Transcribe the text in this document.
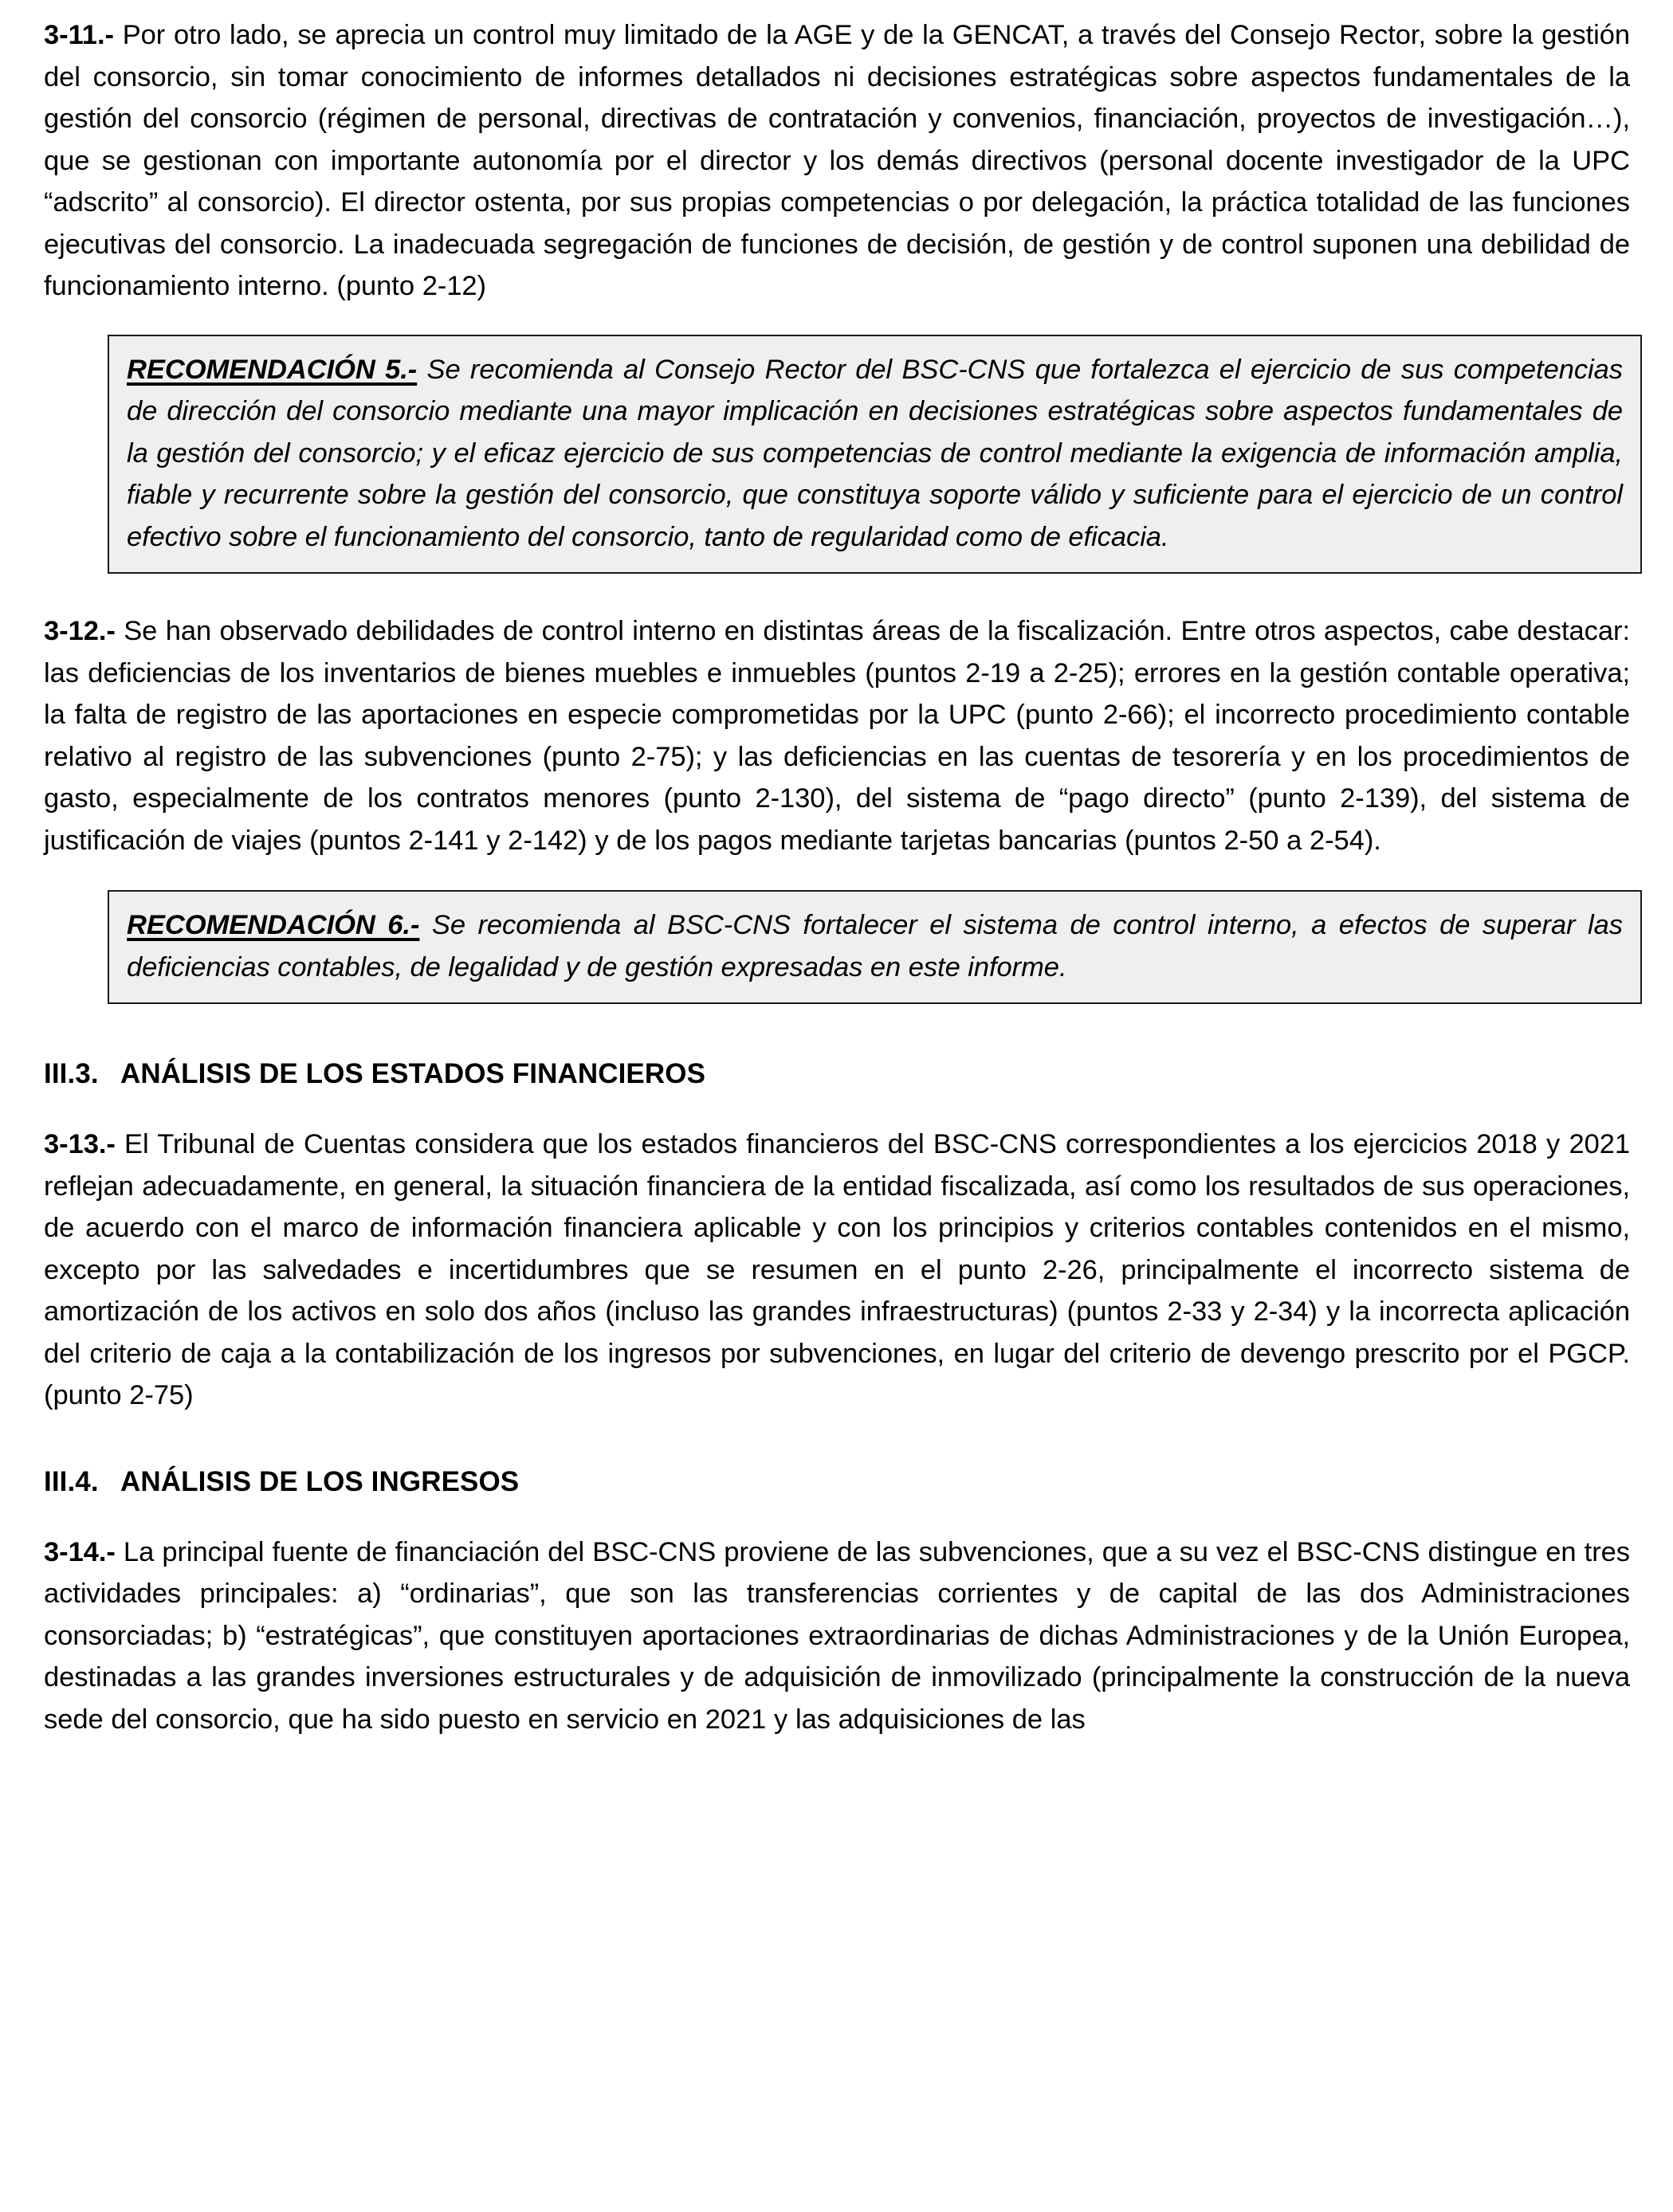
3-11.- Por otro lado, se aprecia un control muy limitado de la AGE y de la GENCAT, a través del Consejo Rector, sobre la gestión del consorcio, sin tomar conocimiento de informes detallados ni decisiones estratégicas sobre aspectos fundamentales de la gestión del consorcio (régimen de personal, directivas de contratación y convenios, financiación, proyectos de investigación…), que se gestionan con importante autonomía por el director y los demás directivos (personal docente investigador de la UPC “adscrito” al consorcio). El director ostenta, por sus propias competencias o por delegación, la práctica totalidad de las funciones ejecutivas del consorcio. La inadecuada segregación de funciones de decisión, de gestión y de control suponen una debilidad de funcionamiento interno. (punto 2-12)

RECOMENDACIÓN 5.- Se recomienda al Consejo Rector del BSC-CNS que fortalezca el ejercicio de sus competencias de dirección del consorcio mediante una mayor implicación en decisiones estratégicas sobre aspectos fundamentales de la gestión del consorcio; y el eficaz ejercicio de sus competencias de control mediante la exigencia de información amplia, fiable y recurrente sobre la gestión del consorcio, que constituya soporte válido y suficiente para el ejercicio de un control efectivo sobre el funcionamiento del consorcio, tanto de regularidad como de eficacia.

3-12.- Se han observado debilidades de control interno en distintas áreas de la fiscalización. Entre otros aspectos, cabe destacar: las deficiencias de los inventarios de bienes muebles e inmuebles (puntos 2-19 a 2-25); errores en la gestión contable operativa; la falta de registro de las aportaciones en especie comprometidas por la UPC (punto 2-66); el incorrecto procedimiento contable relativo al registro de las subvenciones (punto 2-75); y las deficiencias en las cuentas de tesorería y en los procedimientos de gasto, especialmente de los contratos menores (punto 2-130), del sistema de “pago directo” (punto 2-139), del sistema de justificación de viajes (puntos 2-141 y 2-142) y de los pagos mediante tarjetas bancarias (puntos 2-50 a 2-54).

RECOMENDACIÓN 6.- Se recomienda al BSC-CNS fortalecer el sistema de control interno, a efectos de superar las deficiencias contables, de legalidad y de gestión expresadas en este informe.

III.3. ANÁLISIS DE LOS ESTADOS FINANCIEROS

3-13.- El Tribunal de Cuentas considera que los estados financieros del BSC-CNS correspondientes a los ejercicios 2018 y 2021 reflejan adecuadamente, en general, la situación financiera de la entidad fiscalizada, así como los resultados de sus operaciones, de acuerdo con el marco de información financiera aplicable y con los principios y criterios contables contenidos en el mismo, excepto por las salvedades e incertidumbres que se resumen en el punto 2-26, principalmente el incorrecto sistema de amortización de los activos en solo dos años (incluso las grandes infraestructuras) (puntos 2-33 y 2-34) y la incorrecta aplicación del criterio de caja a la contabilización de los ingresos por subvenciones, en lugar del criterio de devengo prescrito por el PGCP. (punto 2-75)

III.4. ANÁLISIS DE LOS INGRESOS

3-14.- La principal fuente de financiación del BSC-CNS proviene de las subvenciones, que a su vez el BSC-CNS distingue en tres actividades principales: a) “ordinarias”, que son las transferencias corrientes y de capital de las dos Administraciones consorciadas; b) “estratégicas”, que constituyen aportaciones extraordinarias de dichas Administraciones y de la Unión Europea, destinadas a las grandes inversiones estructurales y de adquisición de inmovilizado (principalmente la construcción de la nueva sede del consorcio, que ha sido puesto en servicio en 2021 y las adquisiciones de las
